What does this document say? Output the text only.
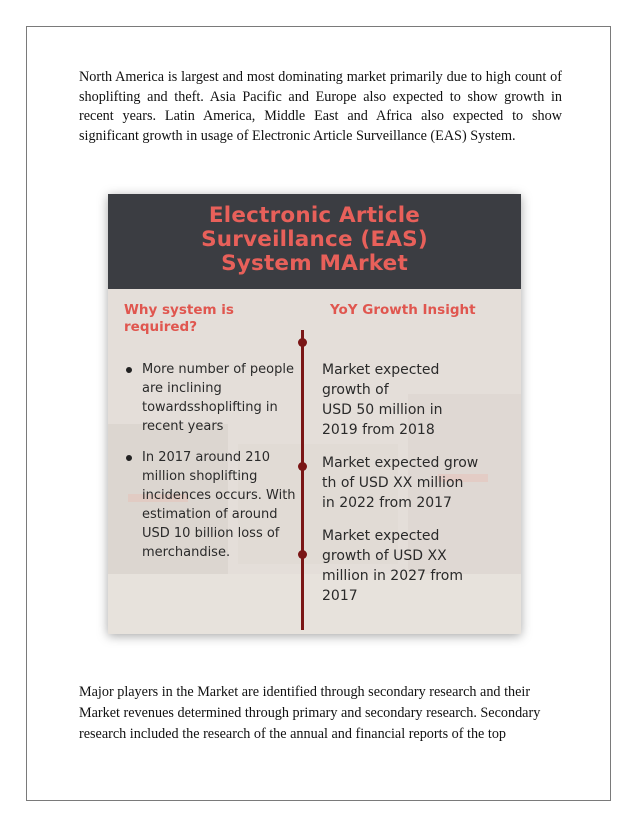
North America is largest and most dominating market primarily due to high count of shoplifting and theft. Asia Pacific and Europe also expected to show growth in recent years. Latin America, Middle East and Africa also expected to show significant growth in usage of Electronic Article Surveillance (EAS) System.

Electronic Article
Surveillance (EAS)
System MArket
Why system is required?
YoY Growth Insight
More number of people are inclining towardsshoplifting in recent years
In 2017 around 210 million shoplifting incidences occurs. With estimation of around USD 10 billion loss of merchandise.
Market expected
growth of
USD 50 million in
2019 from 2018
Market expected grow
th of USD XX million
in 2022 from 2017
Market expected
growth of USD XX
million in 2027 from
2017

Major players in the Market are identified through secondary research and their Market revenues determined through primary and secondary research. Secondary research included the research of the annual and financial reports of the top
